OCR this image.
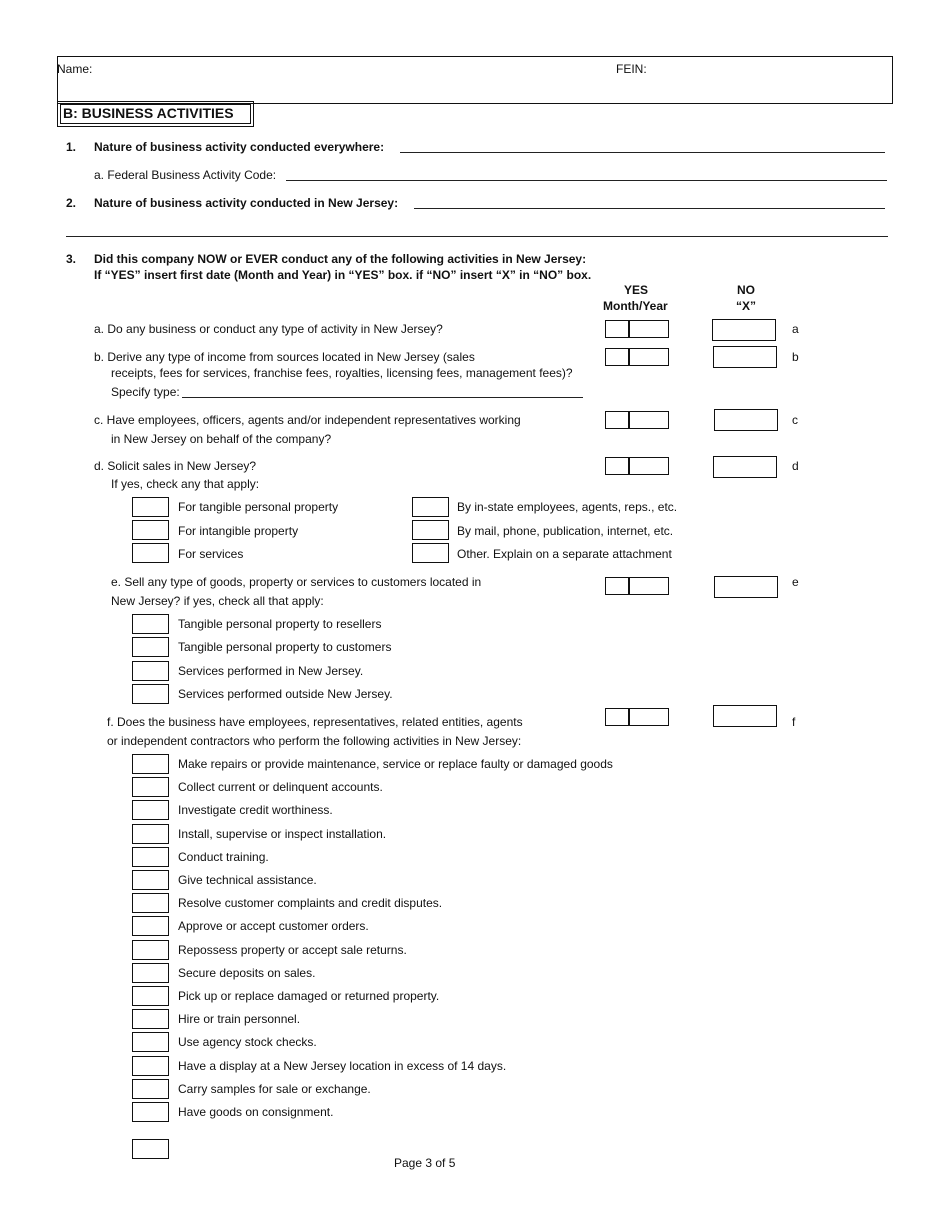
Name:	FEIN:
B: BUSINESS ACTIVITIES
1. Nature of business activity conducted everywhere:
a. Federal Business Activity Code:
2. Nature of business activity conducted in New Jersey:
3. Did this company NOW or EVER conduct any of the following activities in New Jersey:
If “YES” insert first date (Month and Year) in “YES” box. if “NO” insert “X” in “NO” box.
YES
Month/Year
NO
“X”
a. Do any business or conduct any type of activity in New Jersey?	a
b. Derive any type of income from sources located in New Jersey (sales
receipts, fees for services, franchise fees, royalties, licensing fees, management fees)?
Specify type:
b
c. Have employees, officers, agents and/or independent representatives working
in New Jersey on behalf of the company?
c
d. Solicit sales in New Jersey?
If yes, check any that apply:
d
For tangible personal property
For intangible property
For services
By in-state employees, agents, reps., etc.
By mail, phone, publication, internet, etc.
Other. Explain on a separate attachment
e. Sell any type of goods, property or services to customers located in
New Jersey? if yes, check all that apply:
e
Tangible personal property to resellers
Tangible personal property to customers
Services performed in New Jersey.
Services performed outside New Jersey.
f. Does the business have employees, representatives, related entities, agents
or independent contractors who perform the following activities in New Jersey:
f
Make repairs or provide maintenance, service or replace faulty or damaged goods
Collect current or delinquent accounts.
Investigate credit worthiness.
Install, supervise or inspect installation.
Conduct training.
Give technical assistance.
Resolve customer complaints and credit disputes.
Approve or accept customer orders.
Repossess property or accept sale returns.
Secure deposits on sales.
Pick up or replace damaged or returned property.
Hire or train personnel.
Use agency stock checks.
Have a display at a New Jersey location in excess of 14 days.
Carry samples for sale or exchange.
Have goods on consignment.
Page 3 of 5
